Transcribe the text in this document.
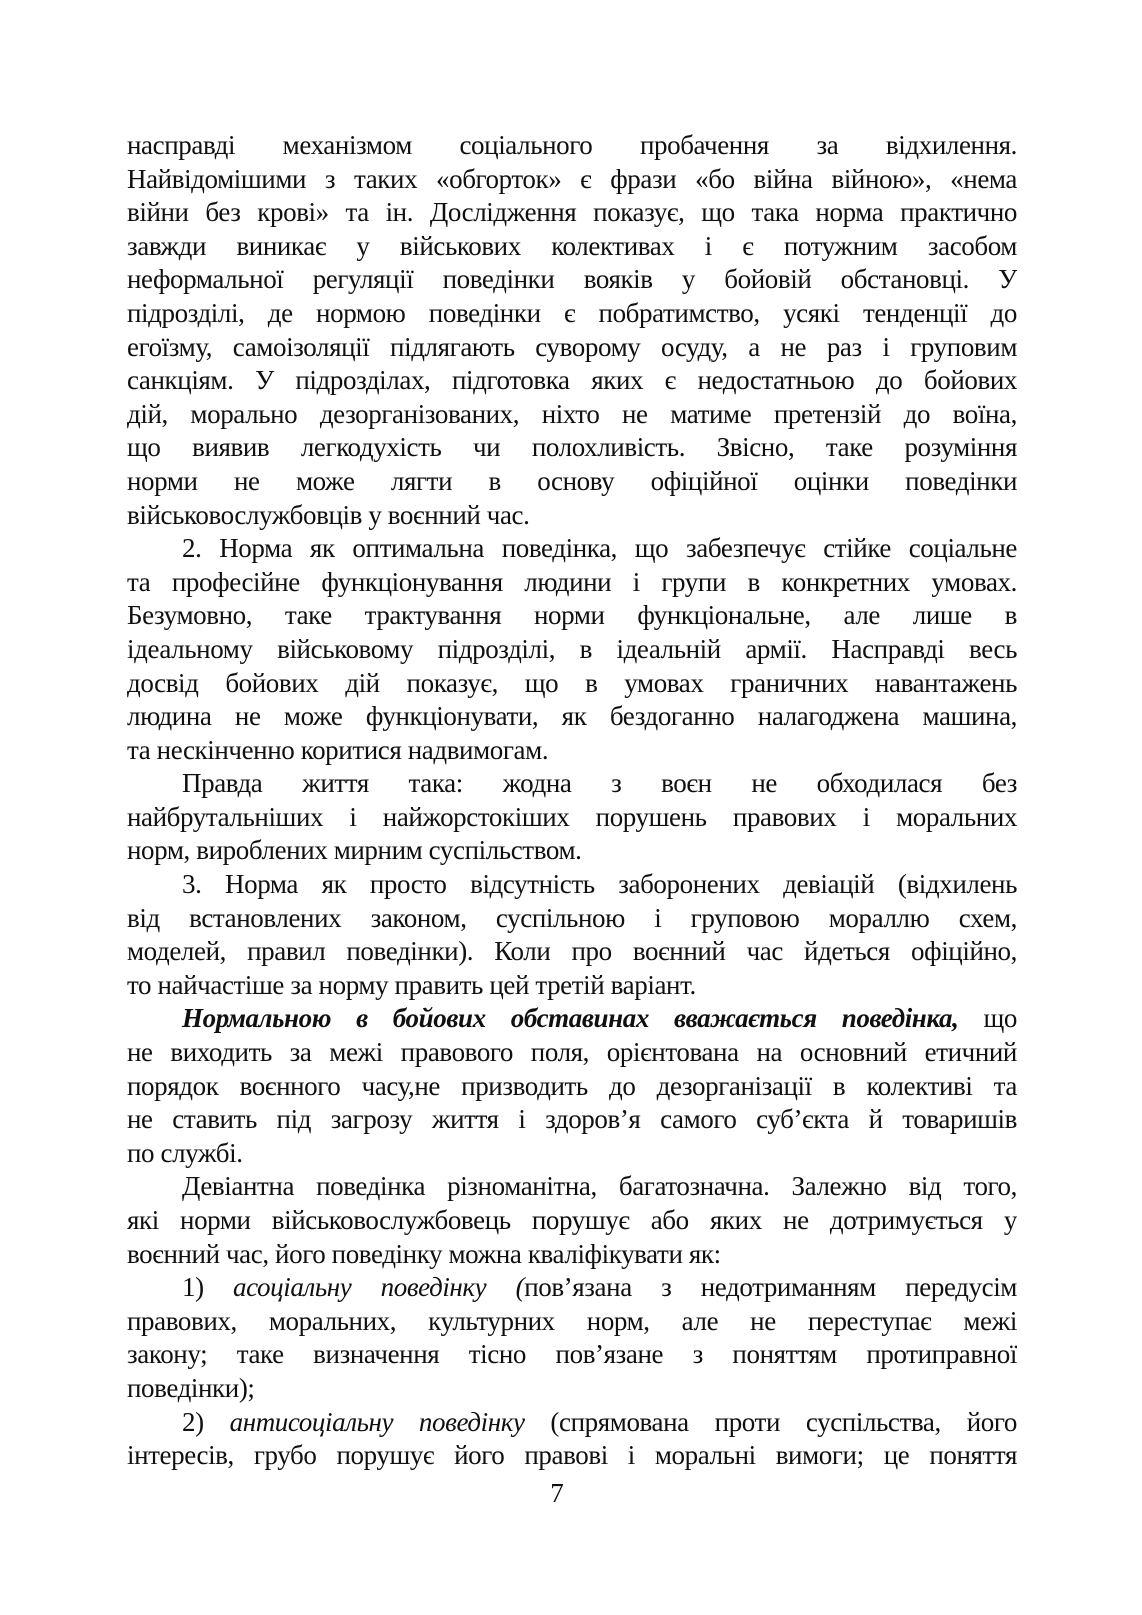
насправді механізмом соціального пробачення за відхилення.
Найвідомішими з таких «обгорток» є фрази «бо війна війною», «нема
війни без крові» та ін. Дослідження показує, що така норма практично
завжди виникає у військових колективах і є потужним засобом
неформальної регуляції поведінки вояків у бойовій обстановці. У
підрозділі, де нормою поведінки є побратимство, усякі тенденції до
егоїзму, самоізоляції підлягають суворому осуду, а не раз і груповим
санкціям. У підрозділах, підготовка яких є недостатньою до бойових
дій, морально дезорганізованих, ніхто не матиме претензій до воїна,
що виявив легкодухість чи полохливість. Звісно, таке розуміння
норми не може лягти в основу офіційної оцінки поведінки
військовослужбовців у воєнний час.
2. Норма як оптимальна поведінка, що забезпечує стійке соціальне
та професійне функціонування людини і групи в конкретних умовах.
Безумовно, таке трактування норми функціональне, але лише в
ідеальному військовому підрозділі, в ідеальній армії. Насправді весь
досвід бойових дій показує, що в умовах граничних навантажень
людина не може функціонувати, як бездоганно налагоджена машина,
та нескінченно коритися надвимогам.
Правда життя така: жодна з воєн не обходилася без
найбрутальніших і найжорстокіших порушень правових і моральних
норм, вироблених мирним суспільством.
3. Норма як просто відсутність заборонених девіацій (відхилень
від встановлених законом, суспільною і груповою мораллю схем,
моделей, правил поведінки). Коли про воєнний час йдеться офіційно,
то найчастіше за норму править цей третій варіант.
Нормальною в бойових обставинах вважається поведінка, що
не виходить за межі правового поля, орієнтована на основний етичний
порядок воєнного часу,не призводить до дезорганізації в колективі та
не ставить під загрозу життя і здоров’я самого суб’єкта й товаришів
по службі.
Девіантна поведінка різноманітна, багатозначна. Залежно від того,
які норми військовослужбовець порушує або яких не дотримується у
воєнний час, його поведінку можна кваліфікувати як:
1) асоціальну поведінку (пов’язана з недотриманням передусім
правових, моральних, культурних норм, але не переступає межі
закону; таке визначення тісно пов’язане з поняттям протиправної
поведінки);
2) антисоціальну поведінку (спрямована проти суспільства, його
інтересів, грубо порушує його правові і моральні вимоги; це поняття
7
